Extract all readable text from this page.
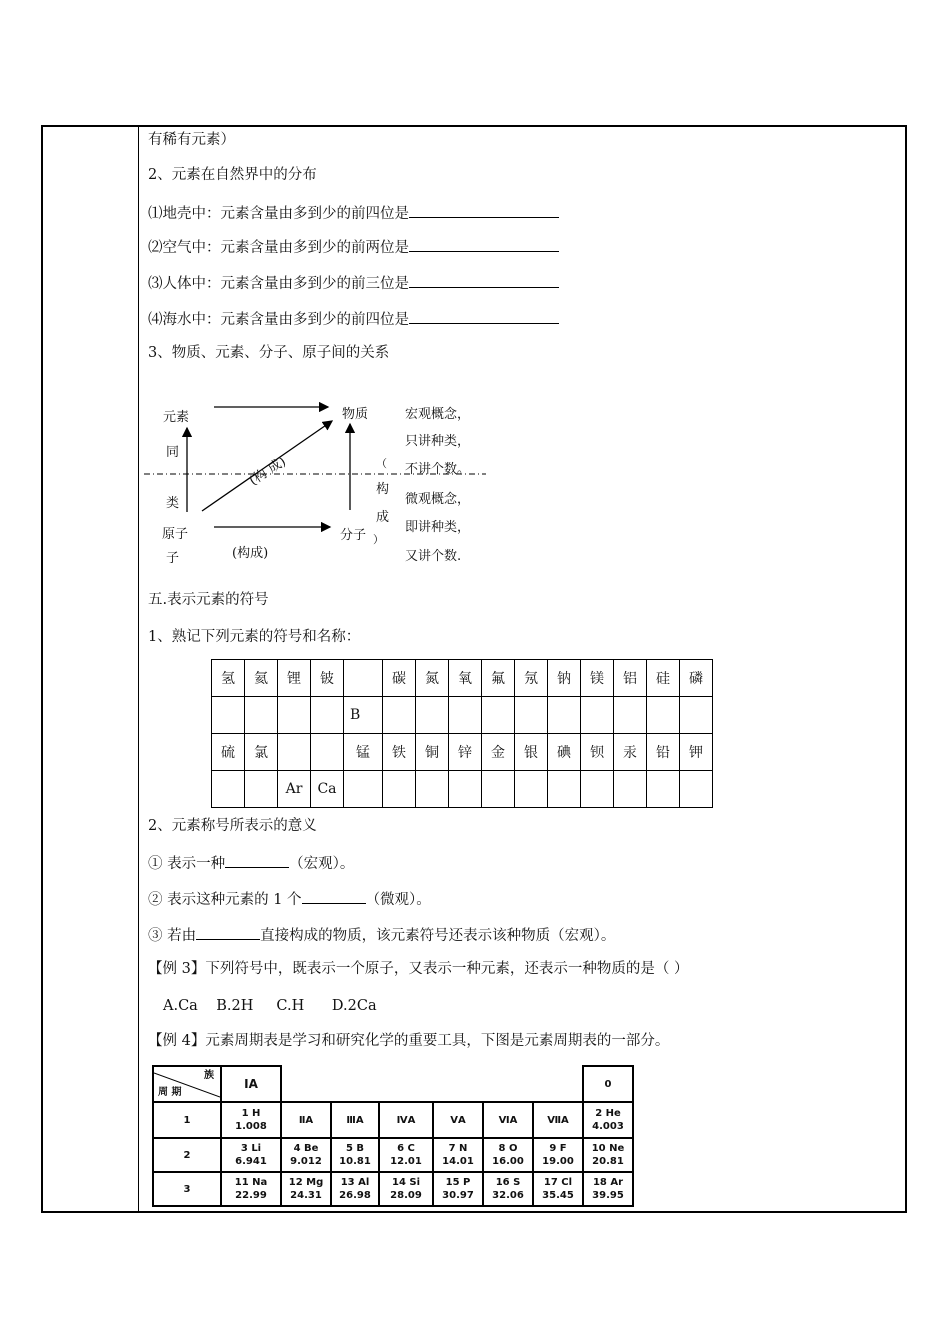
有稀有元素）
2、元素在自然界中的分布
⑴地壳中：元素含量由多到少的前四位是
⑵空气中：元素含量由多到少的前两位是
⑶人体中：元素含量由多到少的前三位是
⑷海水中：元素含量由多到少的前四位是
3、物质、元素、分子、原子间的关系
元素
同
类
原子
子
物质
分子
(构 成)
(构成)
（
构
成
）
宏观概念，
只讲种类，
不讲个数。
微观概念，
即讲种类，
又讲个数.
五.表示元素的符号
1、熟记下列元素的符号和名称：
氢	氦	锂	铍		碳	氮	氧	氟	氖	钠	镁	铝	硅	磷
				B										
硫	氯			锰	铁	铜	锌	金	银	碘	钡	汞	铅	钾
		Ar	Ca											
2、元素称号所表示的意义
① 表示一种	（宏观）。
② 表示这种元素的 1 个	（微观）。
③ 若由	直接构成的物质，该元素符号还表示该种物质（宏观）。
【例 3】下列符号中，既表示一个原子，又表示一种元素，还表示一种物质的是（ ）
A.Ca    B.2H     C.H      D.2Ca
【例 4】元素周期表是学习和研究化学的重要工具，下图是元素周期表的一部分。
族
周 期	ⅠA							0
1	1 H
1.008	ⅡA	ⅢA	ⅣA	ⅤA	ⅥA	ⅦA	2 He
4.003

2	3 Li
6.941	4 Be
9.012	5 B
10.81	6 C
12.01	7 N
14.01	8 O
16.00	9 F
19.00	10 Ne
20.81

3	11 Na
22.99	12 Mg
24.31	13 Al
26.98	14 Si
28.09	15 P
30.97	16 S
32.06	17 Cl
35.45	18 Ar
39.95
